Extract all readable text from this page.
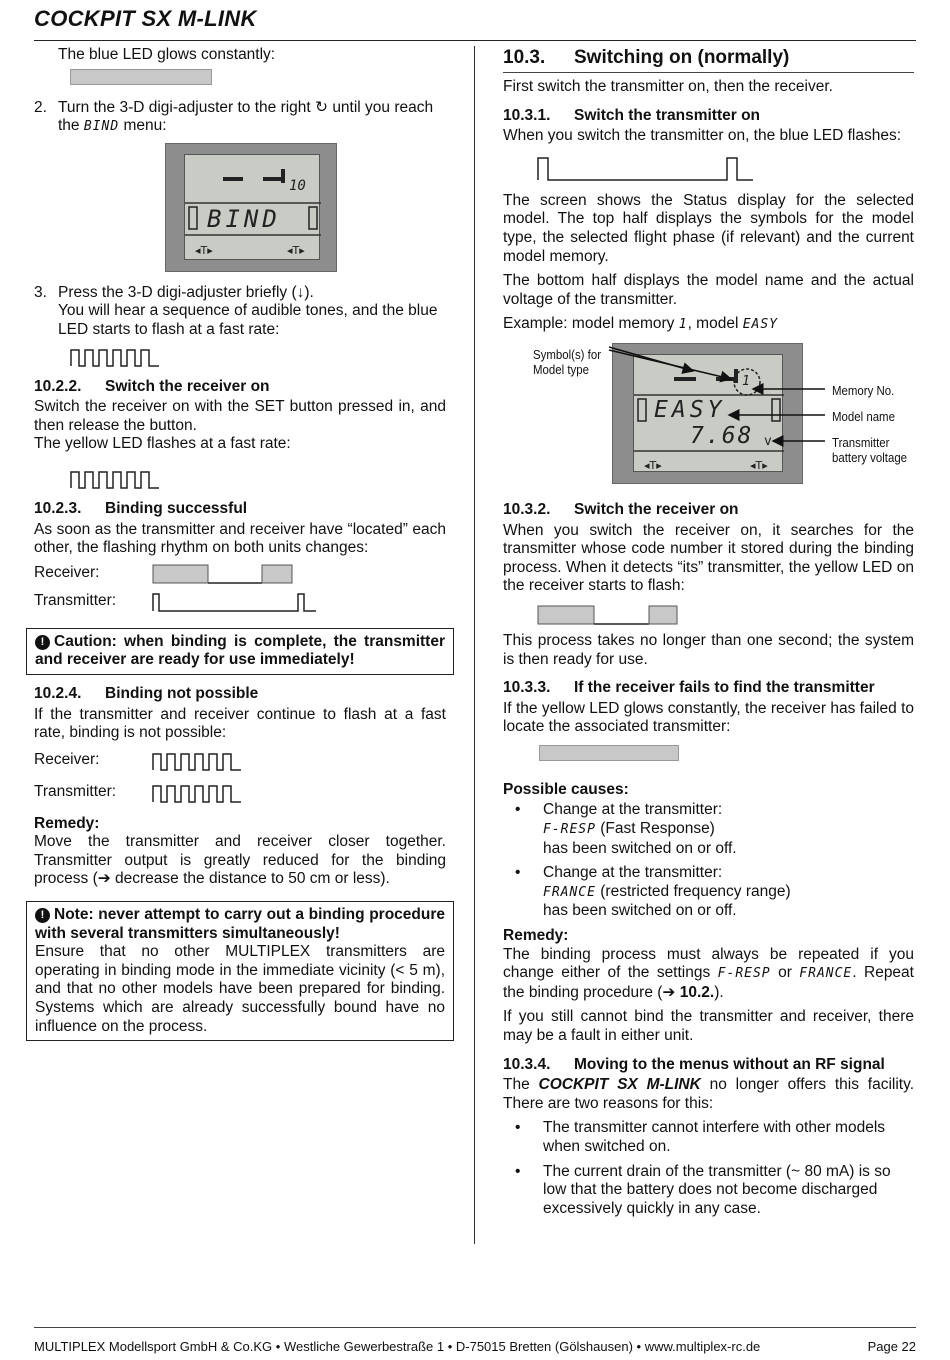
COCKPIT SX M-LINK

The blue LED glows constantly:

2. Turn the 3-D digi-adjuster to the right ↻ until you reach the BIND menu:
◂T▸	◂T▸
10
BIND
3. Press the 3-D digi-adjuster briefly (↓).
You will hear a sequence of audible tones, and the blue LED starts to flash at a fast rate:
10.2.2. Switch the receiver on

Switch the receiver on with the SET button pressed in, and then release the button.

The yellow LED flashes at a fast rate:

10.2.3. Binding successful

As soon as the transmitter and receiver have “located” each other, the flashing rhythm on both units changes:

Receiver:
Transmitter:

! Caution: when binding is complete, the transmitter and receiver are ready for use immediately!

10.2.4. Binding not possible

If the transmitter and receiver continue to flash at a fast rate, binding is not possible:

Receiver:
Transmitter:

Remedy:

Move the transmitter and receiver closer together. Transmitter output is greatly reduced for the binding process (➔ decrease the distance to 50 cm or less).

! Note: never attempt to carry out a binding procedure with several transmitters simultaneously!

Ensure that no other MULTIPLEX transmitters are operating in binding mode in the immediate vicinity (< 5 m), and that no other models have been prepared for binding. Systems which are already successfully bound have no influence on the process.

10.3. Switching on (normally)

First switch the transmitter on, then the receiver.

10.3.1. Switch the transmitter on

When you switch the transmitter on, the blue LED flashes:

The screen shows the Status display for the selected model. The top half displays the symbols for the model type, the selected flight phase (if relevant) and the current model memory.

The bottom half displays the model name and the actual voltage of the transmitter.

Example: model memory 1, model EASY

◂T▸	◂T▸
1
EASY
7.68 v
Symbol(s) for Model type
Memory No.
Model name
Transmitter battery voltage
10.3.2. Switch the receiver on

When you switch the receiver on, it searches for the transmitter whose code number it stored during the binding process. When it detects “its” transmitter, the yellow LED on the receiver starts to flash:

This process takes no longer than one second; the system is then ready for use.

10.3.3. If the receiver fails to find the transmitter

If the yellow LED glows constantly, the receiver has failed to locate the associated transmitter:

Possible causes:

• Change at the transmitter:
F-RESP (Fast Response)
has been switched on or off.
• Change at the transmitter:
FRANCE (restricted frequency range)
has been switched on or off.

Remedy:

The binding process must always be repeated if you change either of the settings F-RESP or FRANCE. Repeat the binding procedure (➔ 10.2.).

If you still cannot bind the transmitter and receiver, there may be a fault in either unit.

10.3.4. Moving to the menus without an RF signal

The COCKPIT SX M-LINK no longer offers this facility. There are two reasons for this:

• The transmitter cannot interfere with other models when switched on.
• The current drain of the transmitter (~ 80 mA) is so low that the battery does not become discharged excessively quickly in any case.
MULTIPLEX Modellsport GmbH & Co.KG • Westliche Gewerbestraße 1 • D-75015 Bretten (Gölshausen) • www.multiplex-rc.de	Page 22
